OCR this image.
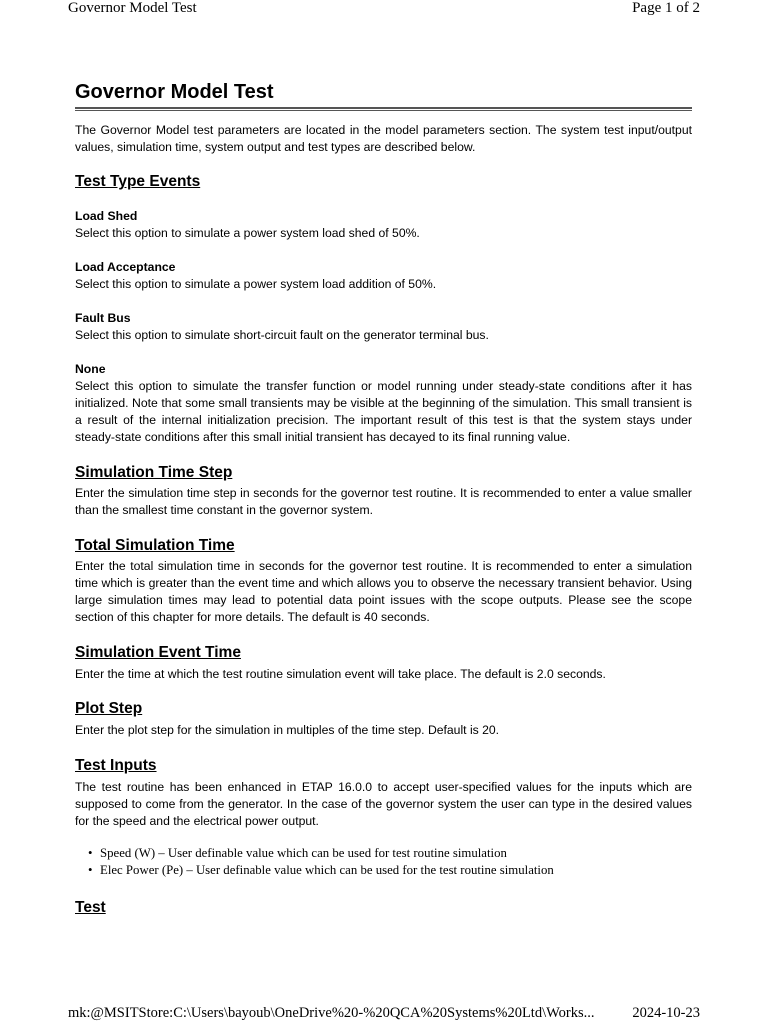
Governor Model Test	Page 1 of 2
Governor Model Test

The Governor Model test parameters are located in the model parameters section. The system test input/output values, simulation time, system output and test types are described below.

Test Type Events
Load Shed

Select this option to simulate a power system load shed of 50%.

Load Acceptance

Select this option to simulate a power system load addition of 50%.

Fault Bus

Select this option to simulate short-circuit fault on the generator terminal bus.

None

Select this option to simulate the transfer function or model running under steady-state conditions after it has initialized. Note that some small transients may be visible at the beginning of the simulation. This small transient is a result of the internal initialization precision. The important result of this test is that the system stays under steady-state conditions after this small initial transient has decayed to its final running value.

Simulation Time Step

Enter the simulation time step in seconds for the governor test routine. It is recommended to enter a value smaller than the smallest time constant in the governor system.

Total Simulation Time

Enter the total simulation time in seconds for the governor test routine. It is recommended to enter a simulation time which is greater than the event time and which allows you to observe the necessary transient behavior. Using large simulation times may lead to potential data point issues with the scope outputs. Please see the scope section of this chapter for more details. The default is 40 seconds.

Simulation Event Time

Enter the time at which the test routine simulation event will take place. The default is 2.0 seconds.

Plot Step

Enter the plot step for the simulation in multiples of the time step. Default is 20.

Test Inputs

The test routine has been enhanced in ETAP 16.0.0 to accept user-specified values for the inputs which are supposed to come from the generator. In the case of the governor system the user can type in the desired values for the speed and the electrical power output.

• Speed (W) – User definable value which can be used for test routine simulation
• Elec Power (Pe) – User definable value which can be used for the test routine simulation
Test
mk:@MSITStore:C:\Users\bayoub\OneDrive%20-%20QCA%20Systems%20Ltd\Works...	2024-10-23
